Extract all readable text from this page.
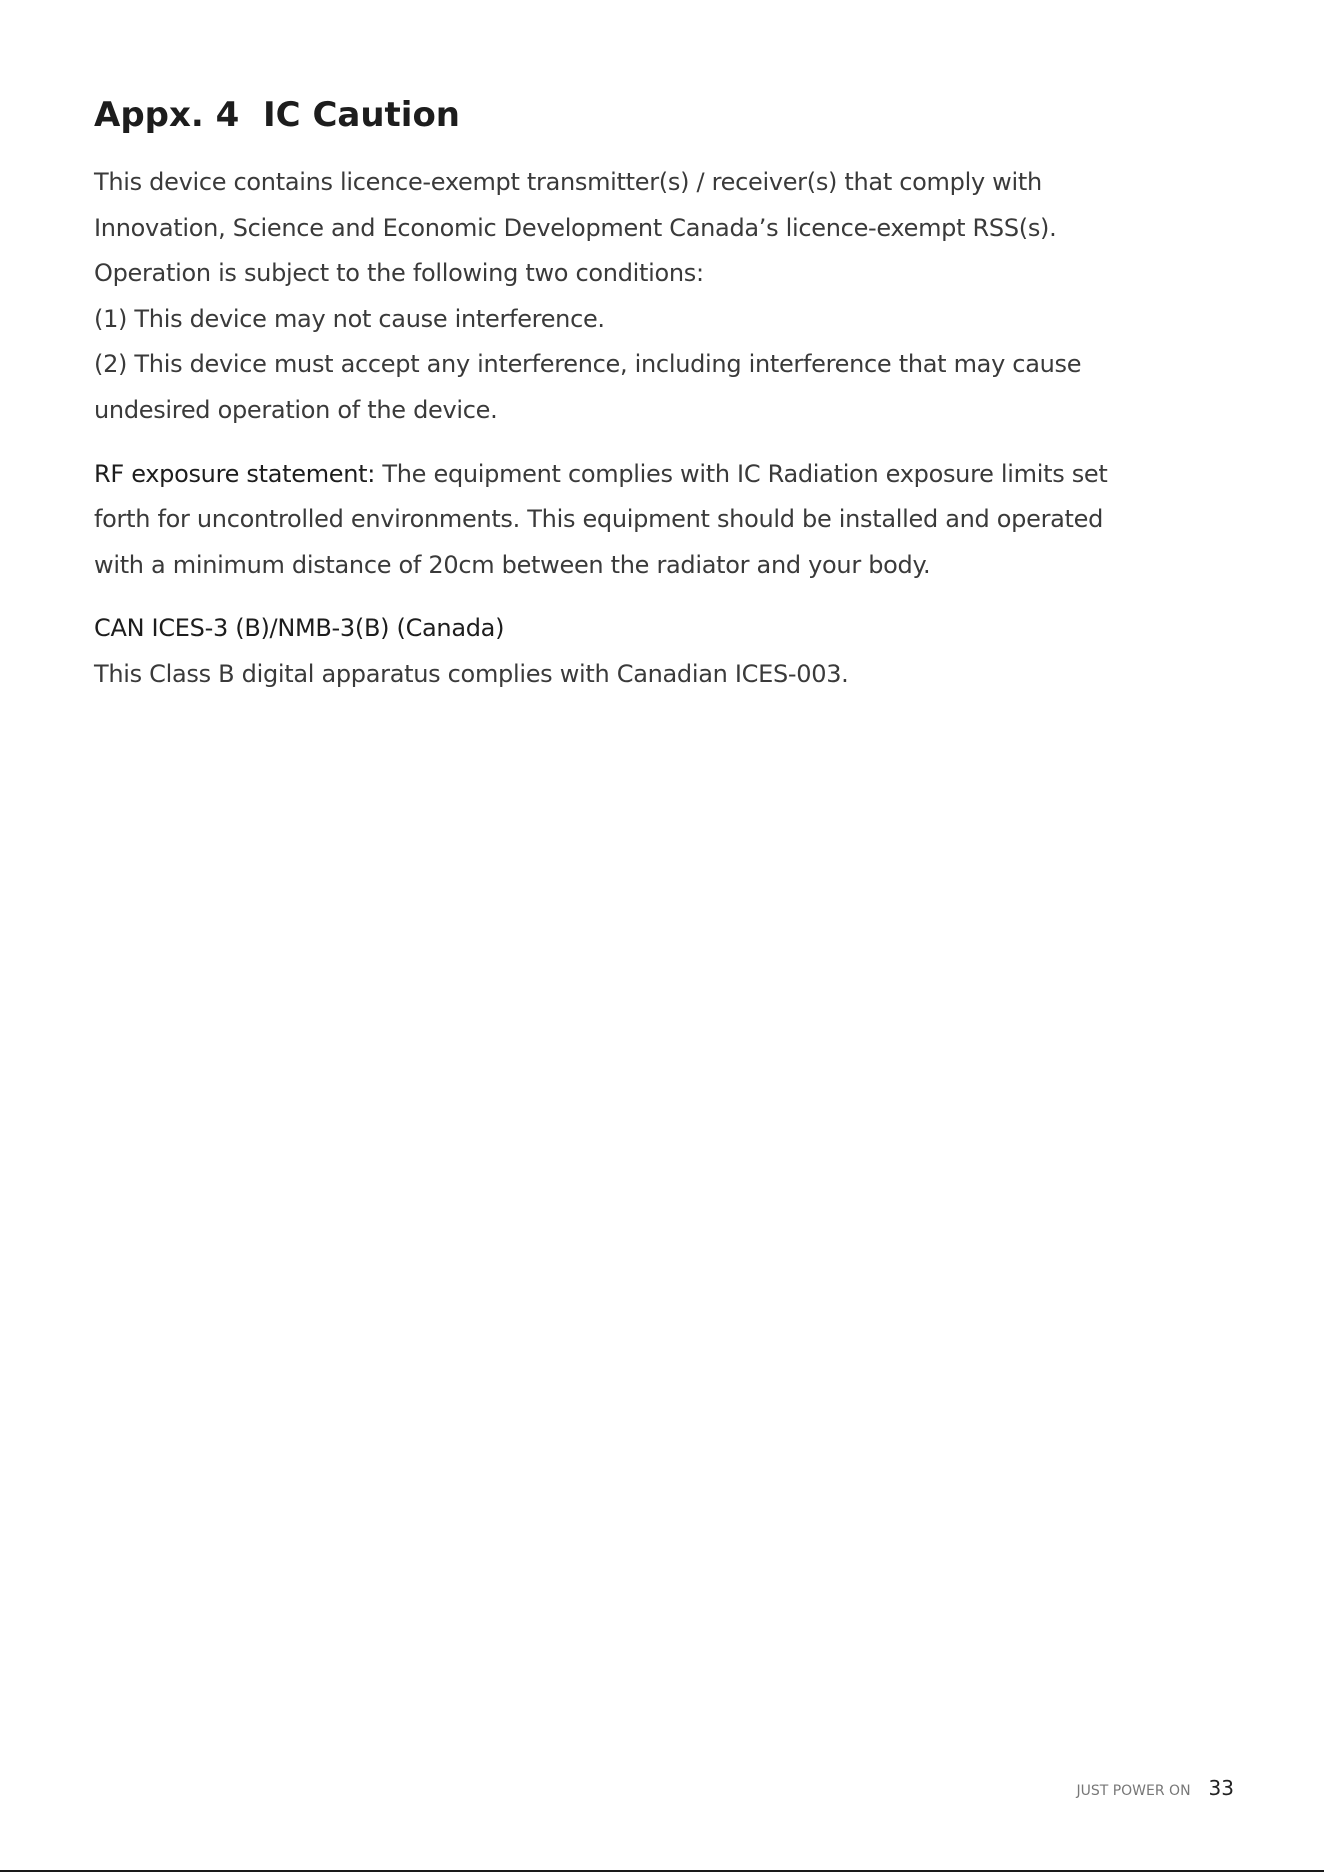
Appx. 4  IC Caution
This device contains licence-exempt transmitter(s) / receiver(s) that comply with
Innovation, Science and Economic Development Canada’s licence-exempt RSS(s).
Operation is subject to the following two conditions:
(1) This device may not cause interference.
(2) This device must accept any interference, including interference that may cause
undesired operation of the device.
RF exposure statement: The equipment complies with IC Radiation exposure limits set
forth for uncontrolled environments. This equipment should be installed and operated
with a minimum distance of 20cm between the radiator and your body.
CAN ICES-3 (B)/NMB-3(B) (Canada)
This Class B digital apparatus complies with Canadian ICES-003.
JUST POWER ON 33
